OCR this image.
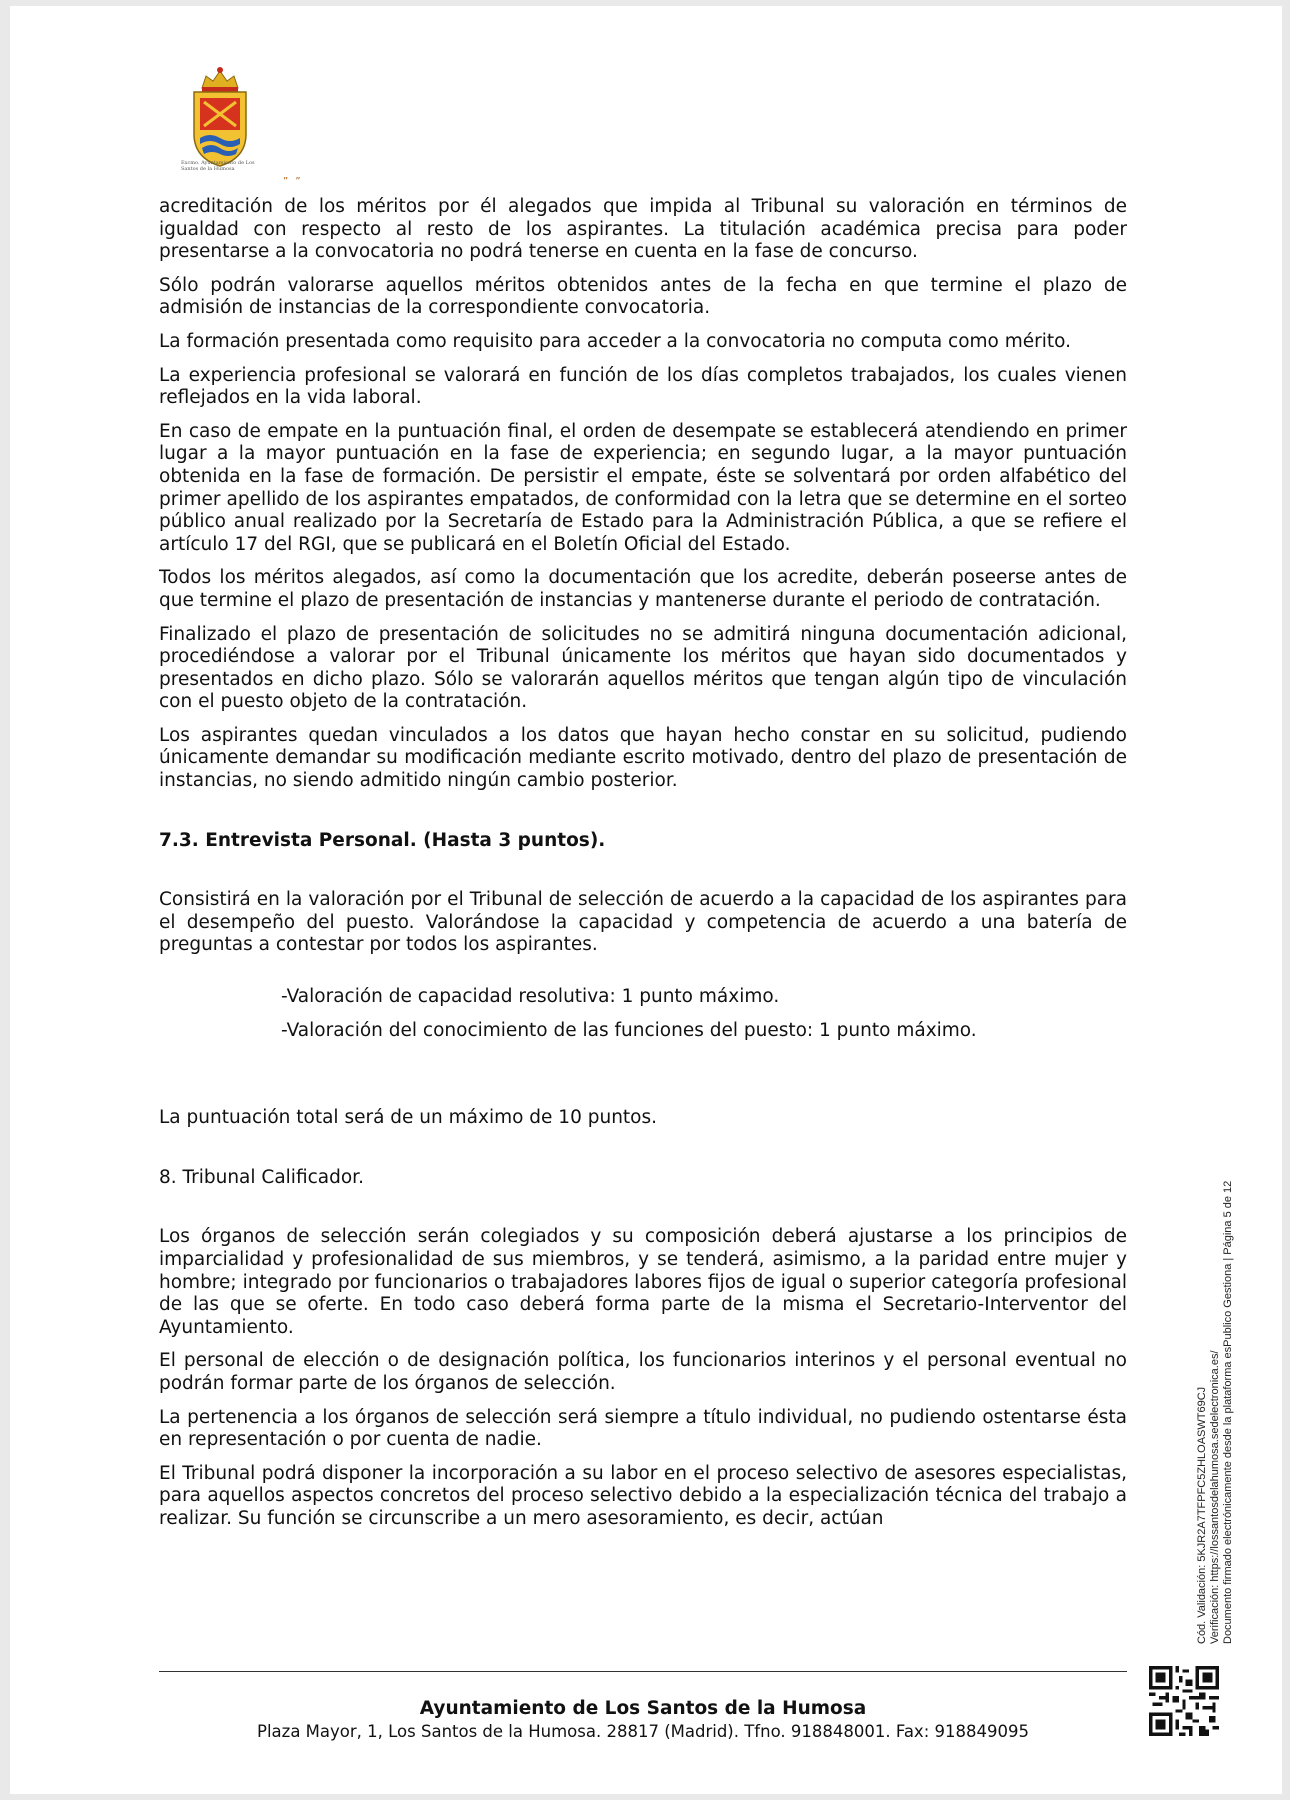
Excmo. Ayuntamiento de Los Santos de la Humosa
” ”

acreditación de los méritos por él alegados que impida al Tribunal su valoración en términos de igualdad con respecto al resto de los aspirantes. La titulación académica precisa para poder presentarse a la convocatoria no podrá tenerse en cuenta en la fase de concurso.

Sólo podrán valorarse aquellos méritos obtenidos antes de la fecha en que termine el plazo de admisión de instancias de la correspondiente convocatoria.

La formación presentada como requisito para acceder a la convocatoria no computa como mérito.

La experiencia profesional se valorará en función de los días completos trabajados, los cuales vienen reflejados en la vida laboral.

En caso de empate en la puntuación final, el orden de desempate se establecerá atendiendo en primer lugar a la mayor puntuación en la fase de experiencia; en segundo lugar, a la mayor puntuación obtenida en la fase de formación. De persistir el empate, éste se solventará por orden alfabético del primer apellido de los aspirantes empatados, de conformidad con la letra que se determine en el sorteo público anual realizado por la Secretaría de Estado para la Administración Pública, a que se refiere el artículo 17 del RGI, que se publicará en el Boletín Oficial del Estado.

Todos los méritos alegados, así como la documentación que los acredite, deberán poseerse antes de que termine el plazo de presentación de instancias y mantenerse durante el periodo de contratación.

Finalizado el plazo de presentación de solicitudes no se admitirá ninguna documentación adicional, procediéndose a valorar por el Tribunal únicamente los méritos que hayan sido documentados y presentados en dicho plazo. Sólo se valorarán aquellos méritos que tengan algún tipo de vinculación con el puesto objeto de la contratación.

Los aspirantes quedan vinculados a los datos que hayan hecho constar en su solicitud, pudiendo únicamente demandar su modificación mediante escrito motivado, dentro del plazo de presentación de instancias, no siendo admitido ningún cambio posterior.

7.3. Entrevista Personal. (Hasta 3 puntos).

Consistirá en la valoración por el Tribunal de selección de acuerdo a la capacidad de los aspirantes para el desempeño del puesto. Valorándose la capacidad y competencia de acuerdo a una batería de preguntas a contestar por todos los aspirantes.

-Valoración de capacidad resolutiva: 1 punto máximo.

-Valoración del conocimiento de las funciones del puesto: 1 punto máximo.

La puntuación total será de un máximo de 10 puntos.

8. Tribunal Calificador.

Los órganos de selección serán colegiados y su composición deberá ajustarse a los principios de imparcialidad y profesionalidad de sus miembros, y se tenderá, asimismo, a la paridad entre mujer y hombre; integrado por funcionarios o trabajadores labores fijos de igual o superior categoría profesional de las que se oferte. En todo caso deberá forma parte de la misma el Secretario-Interventor del Ayuntamiento.

El personal de elección o de designación política, los funcionarios interinos y el personal eventual no podrán formar parte de los órganos de selección.

La pertenencia a los órganos de selección será siempre a título individual, no pudiendo ostentarse ésta en representación o por cuenta de nadie.

El Tribunal podrá disponer la incorporación a su labor en el proceso selectivo de asesores especialistas, para aquellos aspectos concretos del proceso selectivo debido a la especialización técnica del trabajo a realizar. Su función se circunscribe a un mero asesoramiento, es decir, actúan

Ayuntamiento de Los Santos de la Humosa
Plaza Mayor, 1, Los Santos de la Humosa. 28817 (Madrid). Tfno. 918848001. Fax: 918849095
Cód. Validación: 5KJR2A7TFPFC5ZHLOASWT69CJ Verificación: https://lossantosdelahumosa.sedelectronica.es/ Documento firmado electrónicamente desde la plataforma esPublico Gestiona | Página 5 de 12
